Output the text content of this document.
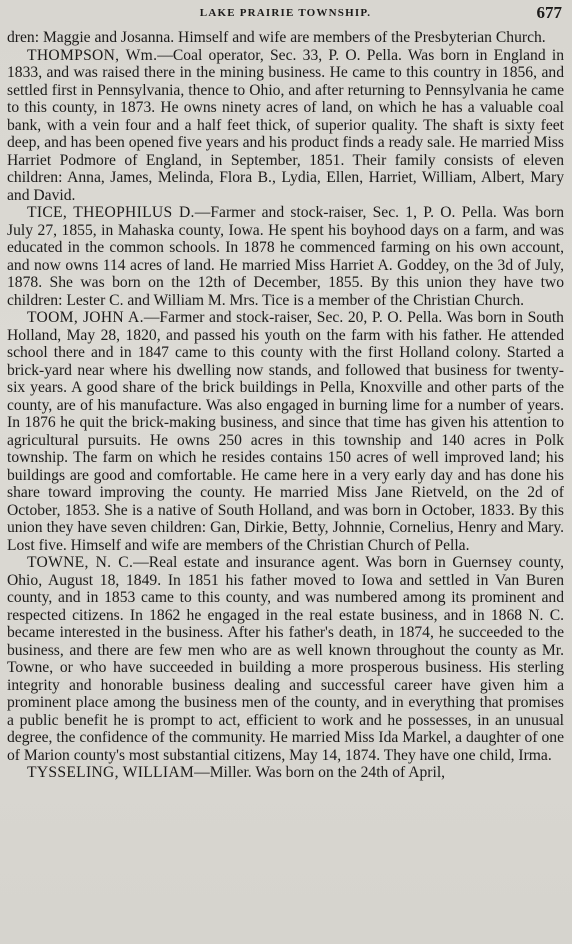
LAKE PRAIRIE TOWNSHIP.	677

dren: Maggie and Josanna. Himself and wife are members of the Presbyterian Church.

THOMPSON, Wm.—Coal operator, Sec. 33, P. O. Pella. Was born in England in 1833, and was raised there in the mining business. He came to this country in 1856, and settled first in Pennsylvania, thence to Ohio, and after returning to Pennsylvania he came to this county, in 1873. He owns ninety acres of land, on which he has a valuable coal bank, with a vein four and a half feet thick, of superior quality. The shaft is sixty feet deep, and has been opened five years and his product finds a ready sale. He married Miss Harriet Podmore of England, in September, 1851. Their family consists of eleven children: Anna, James, Melinda, Flora B., Lydia, Ellen, Harriet, William, Albert, Mary and David.

TICE, THEOPHILUS D.—Farmer and stock-raiser, Sec. 1, P. O. Pella. Was born July 27, 1855, in Mahaska county, Iowa. He spent his boyhood days on a farm, and was educated in the common schools. In 1878 he commenced farming on his own account, and now owns 114 acres of land. He married Miss Harriet A. Goddey, on the 3d of July, 1878. She was born on the 12th of December, 1855. By this union they have two children: Lester C. and William M. Mrs. Tice is a member of the Christian Church.

TOOM, JOHN A.—Farmer and stock-raiser, Sec. 20, P. O. Pella. Was born in South Holland, May 28, 1820, and passed his youth on the farm with his father. He attended school there and in 1847 came to this county with the first Holland colony. Started a brick-yard near where his dwelling now stands, and followed that business for twenty-six years. A good share of the brick buildings in Pella, Knoxville and other parts of the county, are of his manufacture. Was also engaged in burning lime for a number of years. In 1876 he quit the brick-making business, and since that time has given his attention to agricultural pursuits. He owns 250 acres in this township and 140 acres in Polk township. The farm on which he resides contains 150 acres of well improved land; his buildings are good and comfortable. He came here in a very early day and has done his share toward improving the county. He married Miss Jane Rietveld, on the 2d of October, 1853. She is a native of South Holland, and was born in October, 1833. By this union they have seven children: Gan, Dirkie, Betty, Johnnie, Cornelius, Henry and Mary. Lost five. Himself and wife are members of the Christian Church of Pella.

TOWNE, N. C.—Real estate and insurance agent. Was born in Guernsey county, Ohio, August 18, 1849. In 1851 his father moved to Iowa and settled in Van Buren county, and in 1853 came to this county, and was numbered among its prominent and respected citizens. In 1862 he engaged in the real estate business, and in 1868 N. C. became interested in the business. After his father's death, in 1874, he succeeded to the business, and there are few men who are as well known throughout the county as Mr. Towne, or who have succeeded in building a more prosperous business. His sterling integrity and honorable business dealing and successful career have given him a prominent place among the business men of the county, and in everything that promises a public benefit he is prompt to act, efficient to work and he possesses, in an unusual degree, the confidence of the community. He married Miss Ida Markel, a daughter of one of Marion county's most substantial citizens, May 14, 1874. They have one child, Irma.

TYSSELING, WILLIAM—Miller. Was born on the 24th of April,
